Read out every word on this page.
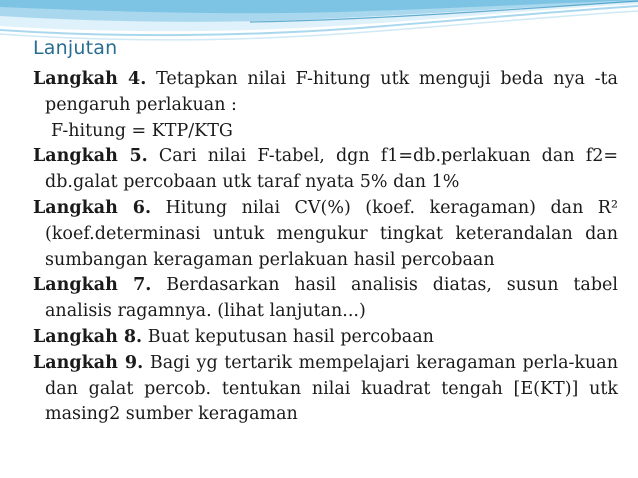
Lanjutan
Langkah 4. Tetapkan nilai F-hitung utk menguji beda nya -ta pengaruh perlakuan :
F-hitung = KTP/KTG
Langkah 5. Cari nilai F-tabel, dgn f1=db.perlakuan dan f2= db.galat percobaan utk taraf nyata 5% dan 1%
Langkah 6. Hitung nilai CV(%) (koef. keragaman) dan R² (koef.determinasi untuk mengukur tingkat keterandalan dan sumbangan keragaman perlakuan hasil percobaan
Langkah 7. Berdasarkan hasil analisis diatas, susun tabel analisis ragamnya. (lihat lanjutan...)
Langkah 8. Buat keputusan hasil percobaan
Langkah 9. Bagi yg tertarik mempelajari keragaman perla-kuan dan galat percob. tentukan nilai kuadrat tengah [E(KT)] utk masing2 sumber keragaman
